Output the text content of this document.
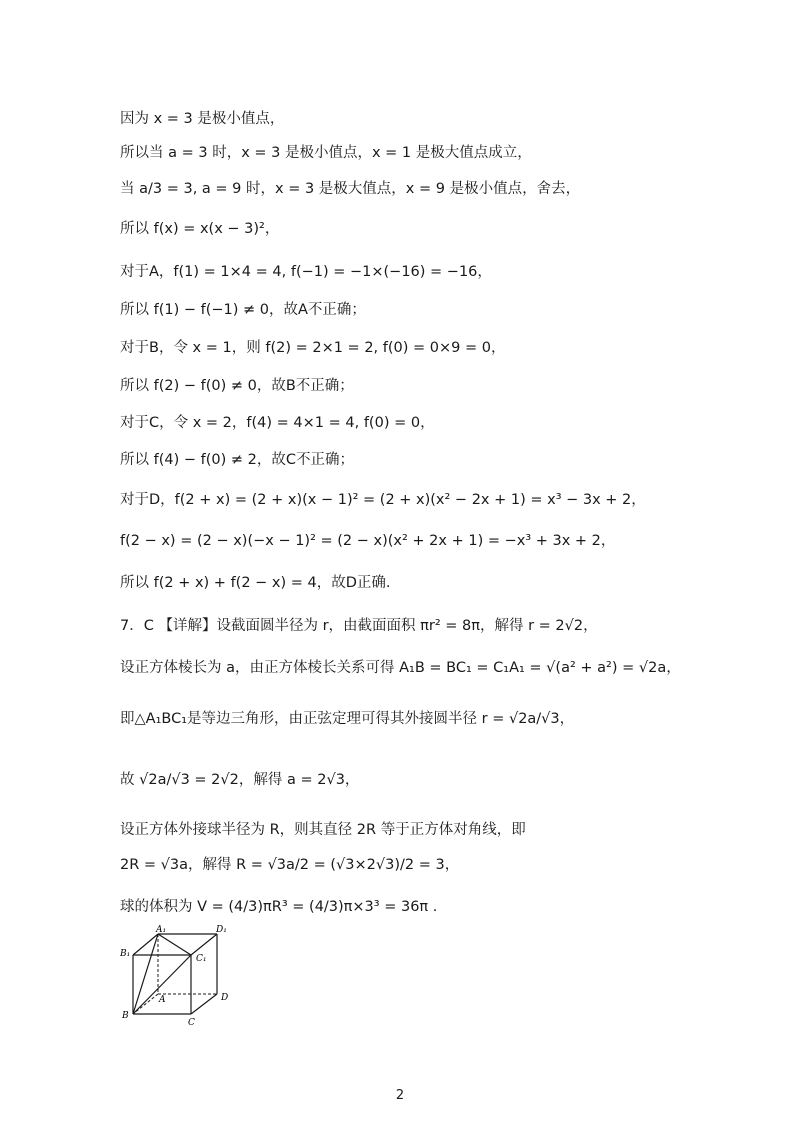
因为 x = 3 是极小值点，
所以当 a = 3 时，x = 3 是极小值点，x = 1 是极大值点成立，
当 a/3 = 3, a = 9 时，x = 3 是极大值点，x = 9 是极小值点，舍去，
所以 f(x) = x(x − 3)²，
对于A，f(1) = 1×4 = 4, f(−1) = −1×(−16) = −16，
所以 f(1) − f(−1) ≠ 0，故A不正确；
对于B，令 x = 1，则 f(2) = 2×1 = 2, f(0) = 0×9 = 0，
所以 f(2) − f(0) ≠ 0，故B不正确；
对于C，令 x = 2，f(4) = 4×1 = 4, f(0) = 0，
所以 f(4) − f(0) ≠ 2，故C不正确；
对于D，f(2 + x) = (2 + x)(x − 1)² = (2 + x)(x² − 2x + 1) = x³ − 3x + 2，
f(2 − x) = (2 − x)(−x − 1)² = (2 − x)(x² + 2x + 1) = −x³ + 3x + 2，
所以 f(2 + x) + f(2 − x) = 4，故D正确.
7．C 【详解】设截面圆半径为 r，由截面面积 πr² = 8π，解得 r = 2√2，
设正方体棱长为 a，由正方体棱长关系可得 A₁B = BC₁ = C₁A₁ = √(a² + a²) = √2a，
即△A₁BC₁是等边三角形，由正弦定理可得其外接圆半径 r = √2a/√3，
故 √2a/√3 = 2√2，解得 a = 2√3，
设正方体外接球半径为 R，则其直径 2R 等于正方体对角线，即
2R = √3a，解得 R = √3a/2 = (√3×2√3)/2 = 3，
球的体积为 V = (4/3)πR³ = (4/3)π×3³ = 36π .
A₁	D₁
B₁	C₁
A	D
B
C
2
